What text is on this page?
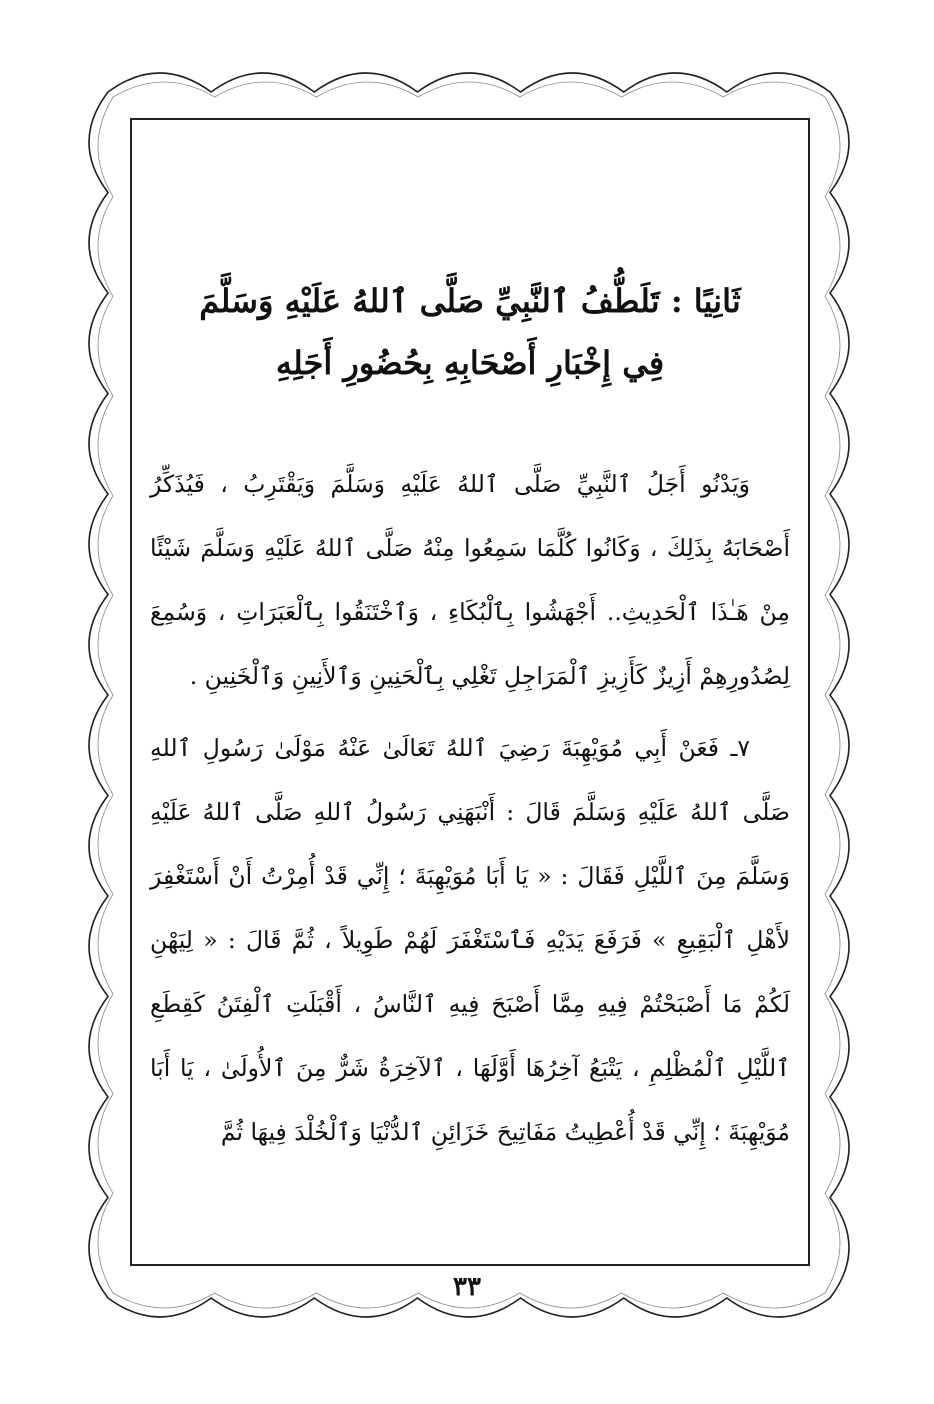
ثَانِيًا : تَلَطُّفُ ٱلنَّبِيِّ صَلَّى ٱللهُ عَلَيْهِ وَسَلَّمَ
فِي إِخْبَارِ أَصْحَابِهِ بِحُضُورِ أَجَلِهِ

وَيَدْنُو أَجَلُ ٱلنَّبِيِّ صَلَّى ٱللهُ عَلَيْهِ وَسَلَّمَ وَيَقْتَرِبُ ، فَيُذَكِّرُ أَصْحَابَهُ بِذَلِكَ ، وَكَانُوا كُلَّمَا سَمِعُوا مِنْهُ صَلَّى ٱللهُ عَلَيْهِ وَسَلَّمَ شَيْئًا مِنْ هَـٰذَا ٱلْحَدِيثِ.. أَجْهَشُوا بِٱلْبُكَاءِ ، وَٱخْتَنَقُوا بِٱلْعَبَرَاتِ ، وَسُمِعَ لِصُدُورِهِمْ أَزِيزٌ كَأَزِيزِ ٱلْمَرَاجِلِ تَغْلِي بِٱلْحَنِينِ وَٱلأَنِينِ وَٱلْخَنِينِ .

٧ـ فَعَنْ أَبِي مُوَيْهِبَةَ رَضِيَ ٱللهُ تَعَالَىٰ عَنْهُ مَوْلَىٰ رَسُولِ ٱللهِ صَلَّى ٱللهُ عَلَيْهِ وَسَلَّمَ قَالَ : أَنْبَهَنِي رَسُولُ ٱللهِ صَلَّى ٱللهُ عَلَيْهِ وَسَلَّمَ مِنَ ٱللَّيْلِ فَقَالَ : « يَا أَبَا مُوَيْهِبَةَ ؛ إِنِّي قَدْ أُمِرْتُ أَنْ أَسْتَغْفِرَ لأَهْلِ ٱلْبَقِيعِ » فَرَفَعَ يَدَيْهِ فَٱسْتَغْفَرَ لَهُمْ طَوِيلاً ، ثُمَّ قَالَ : « لِيَهْنِ لَكُمْ مَا أَصْبَحْتُمْ فِيهِ مِمَّا أَصْبَحَ فِيهِ ٱلنَّاسُ ، أَقْبَلَتِ ٱلْفِتَنُ كَقِطَعِ ٱللَّيْلِ ٱلْمُظْلِمِ ، يَتْبَعُ آخِرُهَا أَوَّلَهَا ، ٱلآخِرَةُ شَرٌّ مِنَ ٱلأُولَىٰ ، يَا أَبَا مُوَيْهِبَةَ ؛ إِنِّي قَدْ أُعْطِيتُ مَفَاتِيحَ خَزَائِنِ ٱلدُّنْيَا وَٱلْخُلْدَ فِيهَا ثُمَّ

٣٣
